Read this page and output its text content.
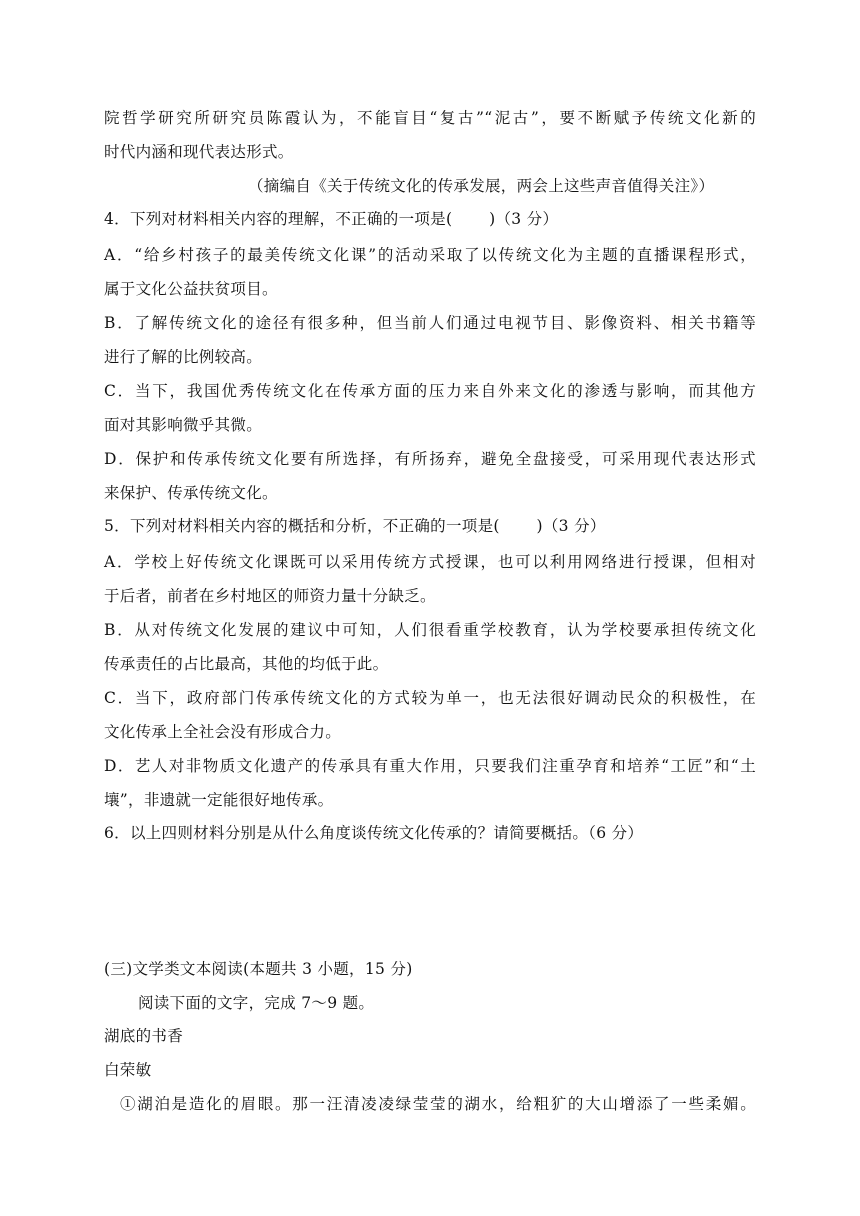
院哲学研究所研究员陈霞认为，不能盲目“复古”“泥古”，要不断赋予传统文化新的
时代内涵和现代表达形式。
（摘编自《关于传统文化的传承发展，两会上这些声音值得关注》）
4．下列对材料相关内容的理解，不正确的一项是(　　 )（3 分）
A．“给乡村孩子的最美传统文化课”的活动采取了以传统文化为主题的直播课程形式，
属于文化公益扶贫项目。
B．了解传统文化的途径有很多种，但当前人们通过电视节目、影像资料、相关书籍等
进行了解的比例较高。
C．当下，我国优秀传统文化在传承方面的压力来自外来文化的渗透与影响，而其他方
面对其影响微乎其微。
D．保护和传承传统文化要有所选择，有所扬弃，避免全盘接受，可采用现代表达形式
来保护、传承传统文化。
5．下列对材料相关内容的概括和分析，不正确的一项是(　　 )（3 分）
A．学校上好传统文化课既可以采用传统方式授课，也可以利用网络进行授课，但相对
于后者，前者在乡村地区的师资力量十分缺乏。
B．从对传统文化发展的建议中可知，人们很看重学校教育，认为学校要承担传统文化
传承责任的占比最高，其他的均低于此。
C．当下，政府部门传承传统文化的方式较为单一，也无法很好调动民众的积极性，在
文化传承上全社会没有形成合力。
D．艺人对非物质文化遗产的传承具有重大作用，只要我们注重孕育和培养“工匠”和“土
壤”，非遗就一定能很好地传承。
6．以上四则材料分别是从什么角度谈传统文化传承的？请简要概括。（6 分）
(三)文学类文本阅读(本题共 3 小题，15 分)
阅读下面的文字，完成 7～9 题。
湖底的书香
白荣敏
①湖泊是造化的眉眼。那一汪清凌凌绿莹莹的湖水，给粗犷的大山增添了一些柔媚。
